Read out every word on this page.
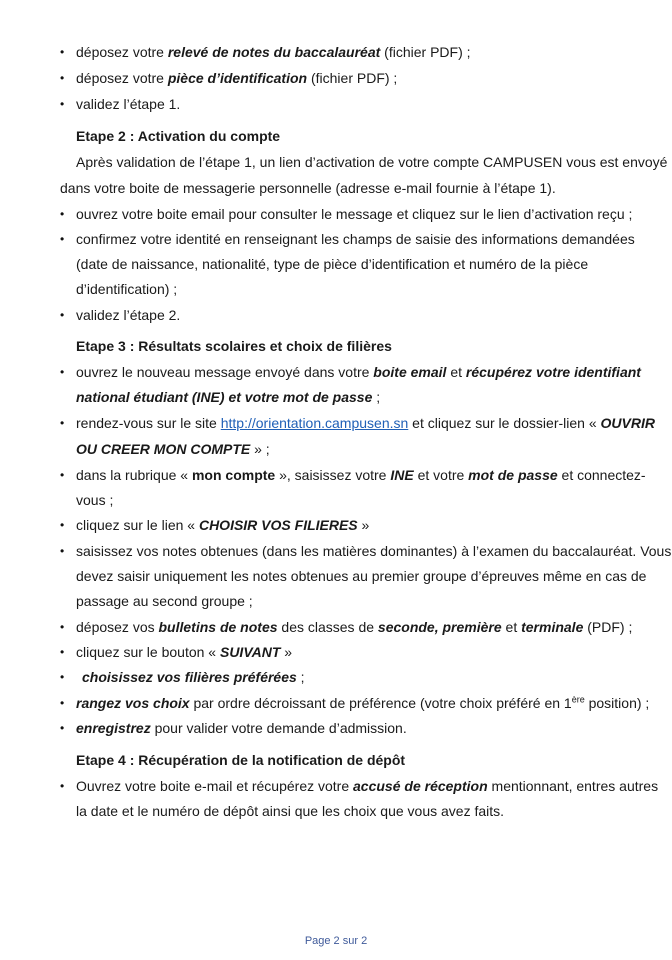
• déposez votre relevé de notes du baccalauréat (fichier PDF) ;
• déposez votre pièce d’identification (fichier PDF) ;
• validez l’étape 1.
Etape 2 : Activation du compte
Après validation de l’étape 1, un lien d’activation de votre compte CAMPUSEN vous est envoyé
dans votre boite de messagerie personnelle (adresse e-mail fournie à l’étape 1).
• ouvrez votre boite email pour consulter le message et cliquez sur le lien d’activation reçu ;
• confirmez votre identité en renseignant les champs de saisie des informations demandées
(date de naissance, nationalité, type de pièce d’identification et numéro de la pièce
d’identification) ;
• validez l’étape 2.
Etape 3 : Résultats scolaires et choix de filières
• ouvrez le nouveau message envoyé dans votre boite email et récupérez votre identifiant
national étudiant (INE) et votre mot de passe ;
• rendez-vous sur le site http://orientation.campusen.sn et cliquez sur le dossier-lien « OUVRIR
OU CREER MON COMPTE » ;
• dans la rubrique « mon compte », saisissez votre INE et votre mot de passe et connectez-
vous ;
• cliquez sur le lien « CHOISIR VOS FILIERES »
• saisissez vos notes obtenues (dans les matières dominantes) à l’examen du baccalauréat. Vous
devez saisir uniquement les notes obtenues au premier groupe d’épreuves même en cas de
passage au second groupe ;
• déposez vos bulletins de notes des classes de seconde, première et terminale (PDF) ;
• cliquez sur le bouton « SUIVANT »
• choisissez vos filières préférées ;
• rangez vos choix par ordre décroissant de préférence (votre choix préféré en 1ère position) ;
• enregistrez pour valider votre demande d’admission.
Etape 4 : Récupération de la notification de dépôt
• Ouvrez votre boite e-mail et récupérez votre accusé de réception mentionnant, entres autres
la date et le numéro de dépôt ainsi que les choix que vous avez faits.
Page 2 sur 2
